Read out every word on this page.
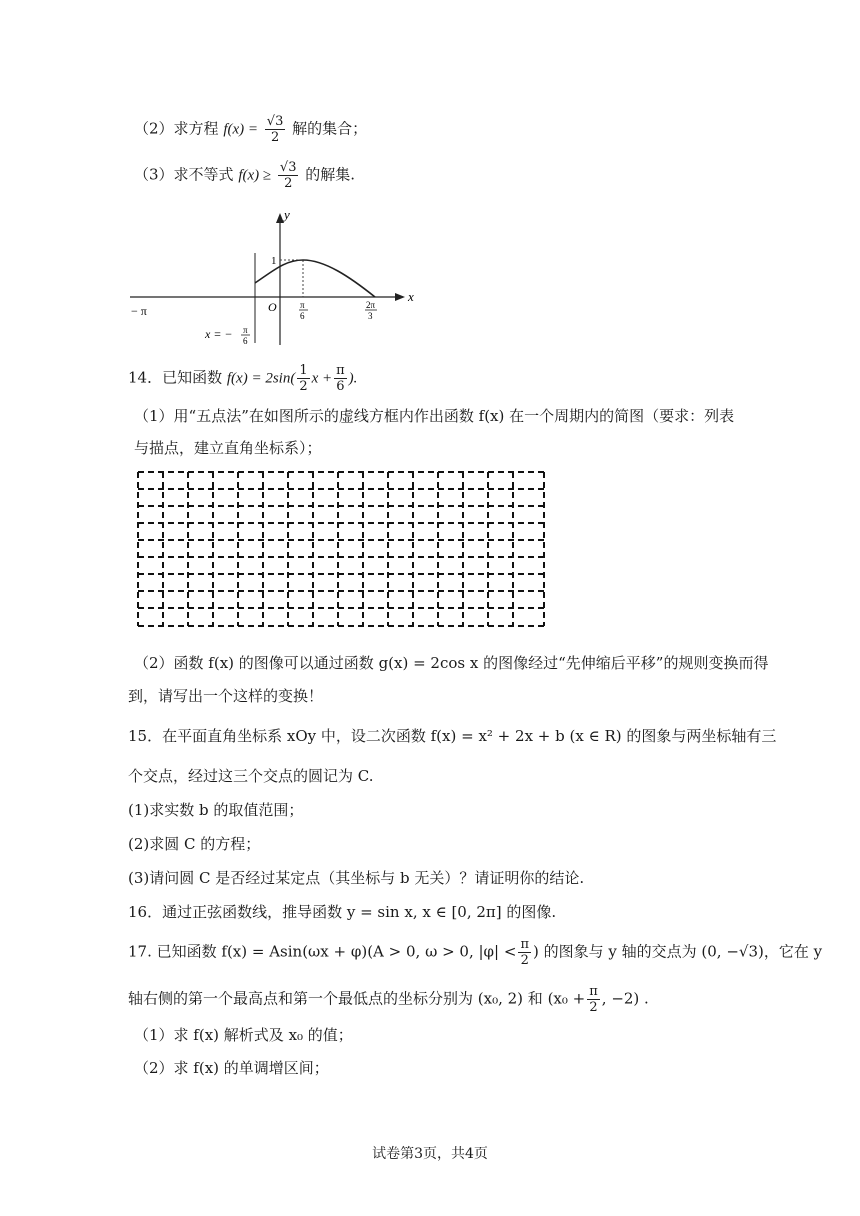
（2）求方程 $f(x) = \frac{√3}{2}$ 解的集合；
（3）求不等式 $f(x) \ge \frac{√3}{2}$ 的解集.
y
x
O
1
− π	π
6
2π
3
x = − π
6
14．已知函数 $f(x) = 2\sin( \frac{1}{2}$ $x + \frac{\pi}{6}$ ).
（1）用“五点法”在如图所示的虚线方框内作出函数 f(x) 在一个周期内的简图（要求：列表
与描点，建立直角坐标系）；
（2）函数 f(x) 的图像可以通过函数 g(x) = 2cos x 的图像经过“先伸缩后平移”的规则变换而得
到，请写出一个这样的变换！
15．在平面直角坐标系 xOy 中，设二次函数 f(x) = x² + 2x + b (x ∈ R) 的图象与两坐标轴有三
个交点，经过这三个交点的圆记为 C.
(1)求实数 b 的取值范围；
(2)求圆 C 的方程；
(3)请问圆 C 是否经过某定点（其坐标与 b 无关）？请证明你的结论.
16．通过正弦函数线，推导函数 y = sin x, x ∈ [0, 2π] 的图像.
17. 已知函数 f(x) = Asin(ωx + φ)(A > 0, ω > 0, $|\varphi| < \frac{\pi}{2}$ ) 的图象与 y 轴的交点为 (0, −√3)，它在 y
轴右侧的第一个最高点和第一个最低点的坐标分别为 (x₀, 2) 和 ($x_0 + \frac{\pi}{2}$ , −2) .
（1）求 f(x) 解析式及 x₀ 的值；
（2）求 f(x) 的单调增区间；
试卷第3页，共4页
